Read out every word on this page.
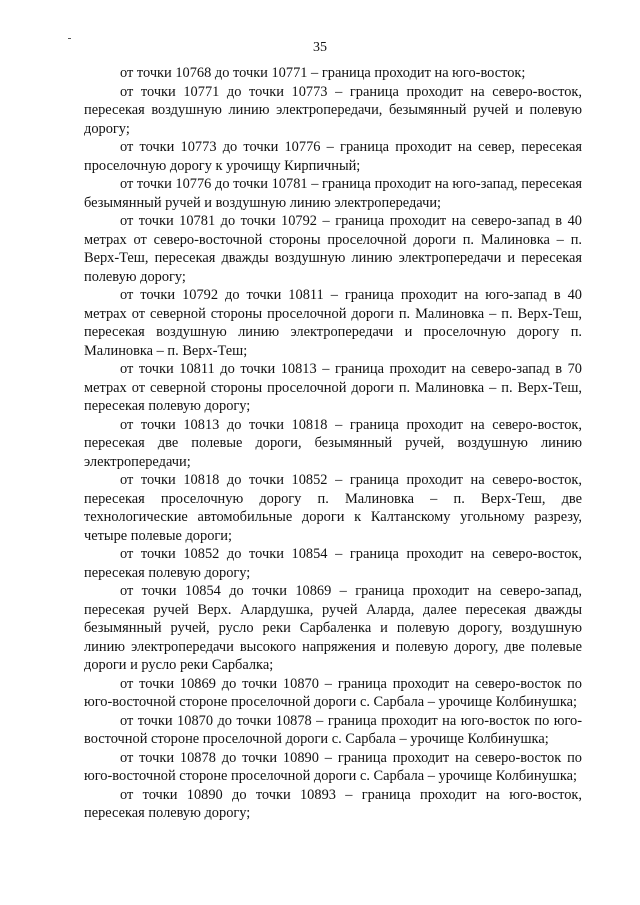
35

от точки 10768 до точки 10771 – граница проходит на юго-восток;

от точки 10771 до точки 10773 – граница проходит на северо-восток, пересекая воздушную линию электропередачи, безымянный ручей и полевую дорогу;

от точки 10773 до точки 10776 – граница проходит на север, пересекая проселочную дорогу к урочищу Кирпичный;

от точки 10776 до точки 10781 – граница проходит на юго-запад, пересекая безымянный ручей и воздушную линию электропередачи;

от точки 10781 до точки 10792 – граница проходит на северо-запад в 40 метрах от северо-восточной стороны проселочной дороги п. Малиновка – п. Верх-Теш, пересекая дважды воздушную линию электропередачи и пересекая полевую дорогу;

от точки 10792 до точки 10811 – граница проходит на юго-запад в 40 метрах от северной стороны проселочной дороги п. Малиновка – п. Верх-Теш, пересекая воздушную линию электропередачи и проселочную дорогу п. Малиновка – п. Верх-Теш;

от точки 10811 до точки 10813 – граница проходит на северо-запад в 70 метрах от северной стороны проселочной дороги п. Малиновка – п. Верх-Теш, пересекая полевую дорогу;

от точки 10813 до точки 10818 – граница проходит на северо-восток, пересекая две полевые дороги, безымянный ручей, воздушную линию электропередачи;

от точки 10818 до точки 10852 – граница проходит на северо-восток, пересекая проселочную дорогу п. Малиновка – п. Верх-Теш, две технологические автомобильные дороги к Калтанскому угольному разрезу, четыре полевые дороги;

от точки 10852 до точки 10854 – граница проходит на северо-восток, пересекая полевую дорогу;

от точки 10854 до точки 10869 – граница проходит на северо-запад, пересекая ручей Верх. Алардушка, ручей Аларда, далее пересекая дважды безымянный ручей, русло реки Сарбаленка и полевую дорогу, воздушную линию электропередачи высокого напряжения и полевую дорогу, две полевые дороги и русло реки Сарбалка;

от точки 10869 до точки 10870 – граница проходит на северо-восток по юго-восточной стороне проселочной дороги с. Сарбала – урочище Колбинушка;

от точки 10870 до точки 10878 – граница проходит на юго-восток по юго-восточной стороне проселочной дороги с. Сарбала – урочище Колбинушка;

от точки 10878 до точки 10890 – граница проходит на северо-восток по юго-восточной стороне проселочной дороги с. Сарбала – урочище Колбинушка;

от точки 10890 до точки 10893 – граница проходит на юго-восток, пересекая полевую дорогу;
